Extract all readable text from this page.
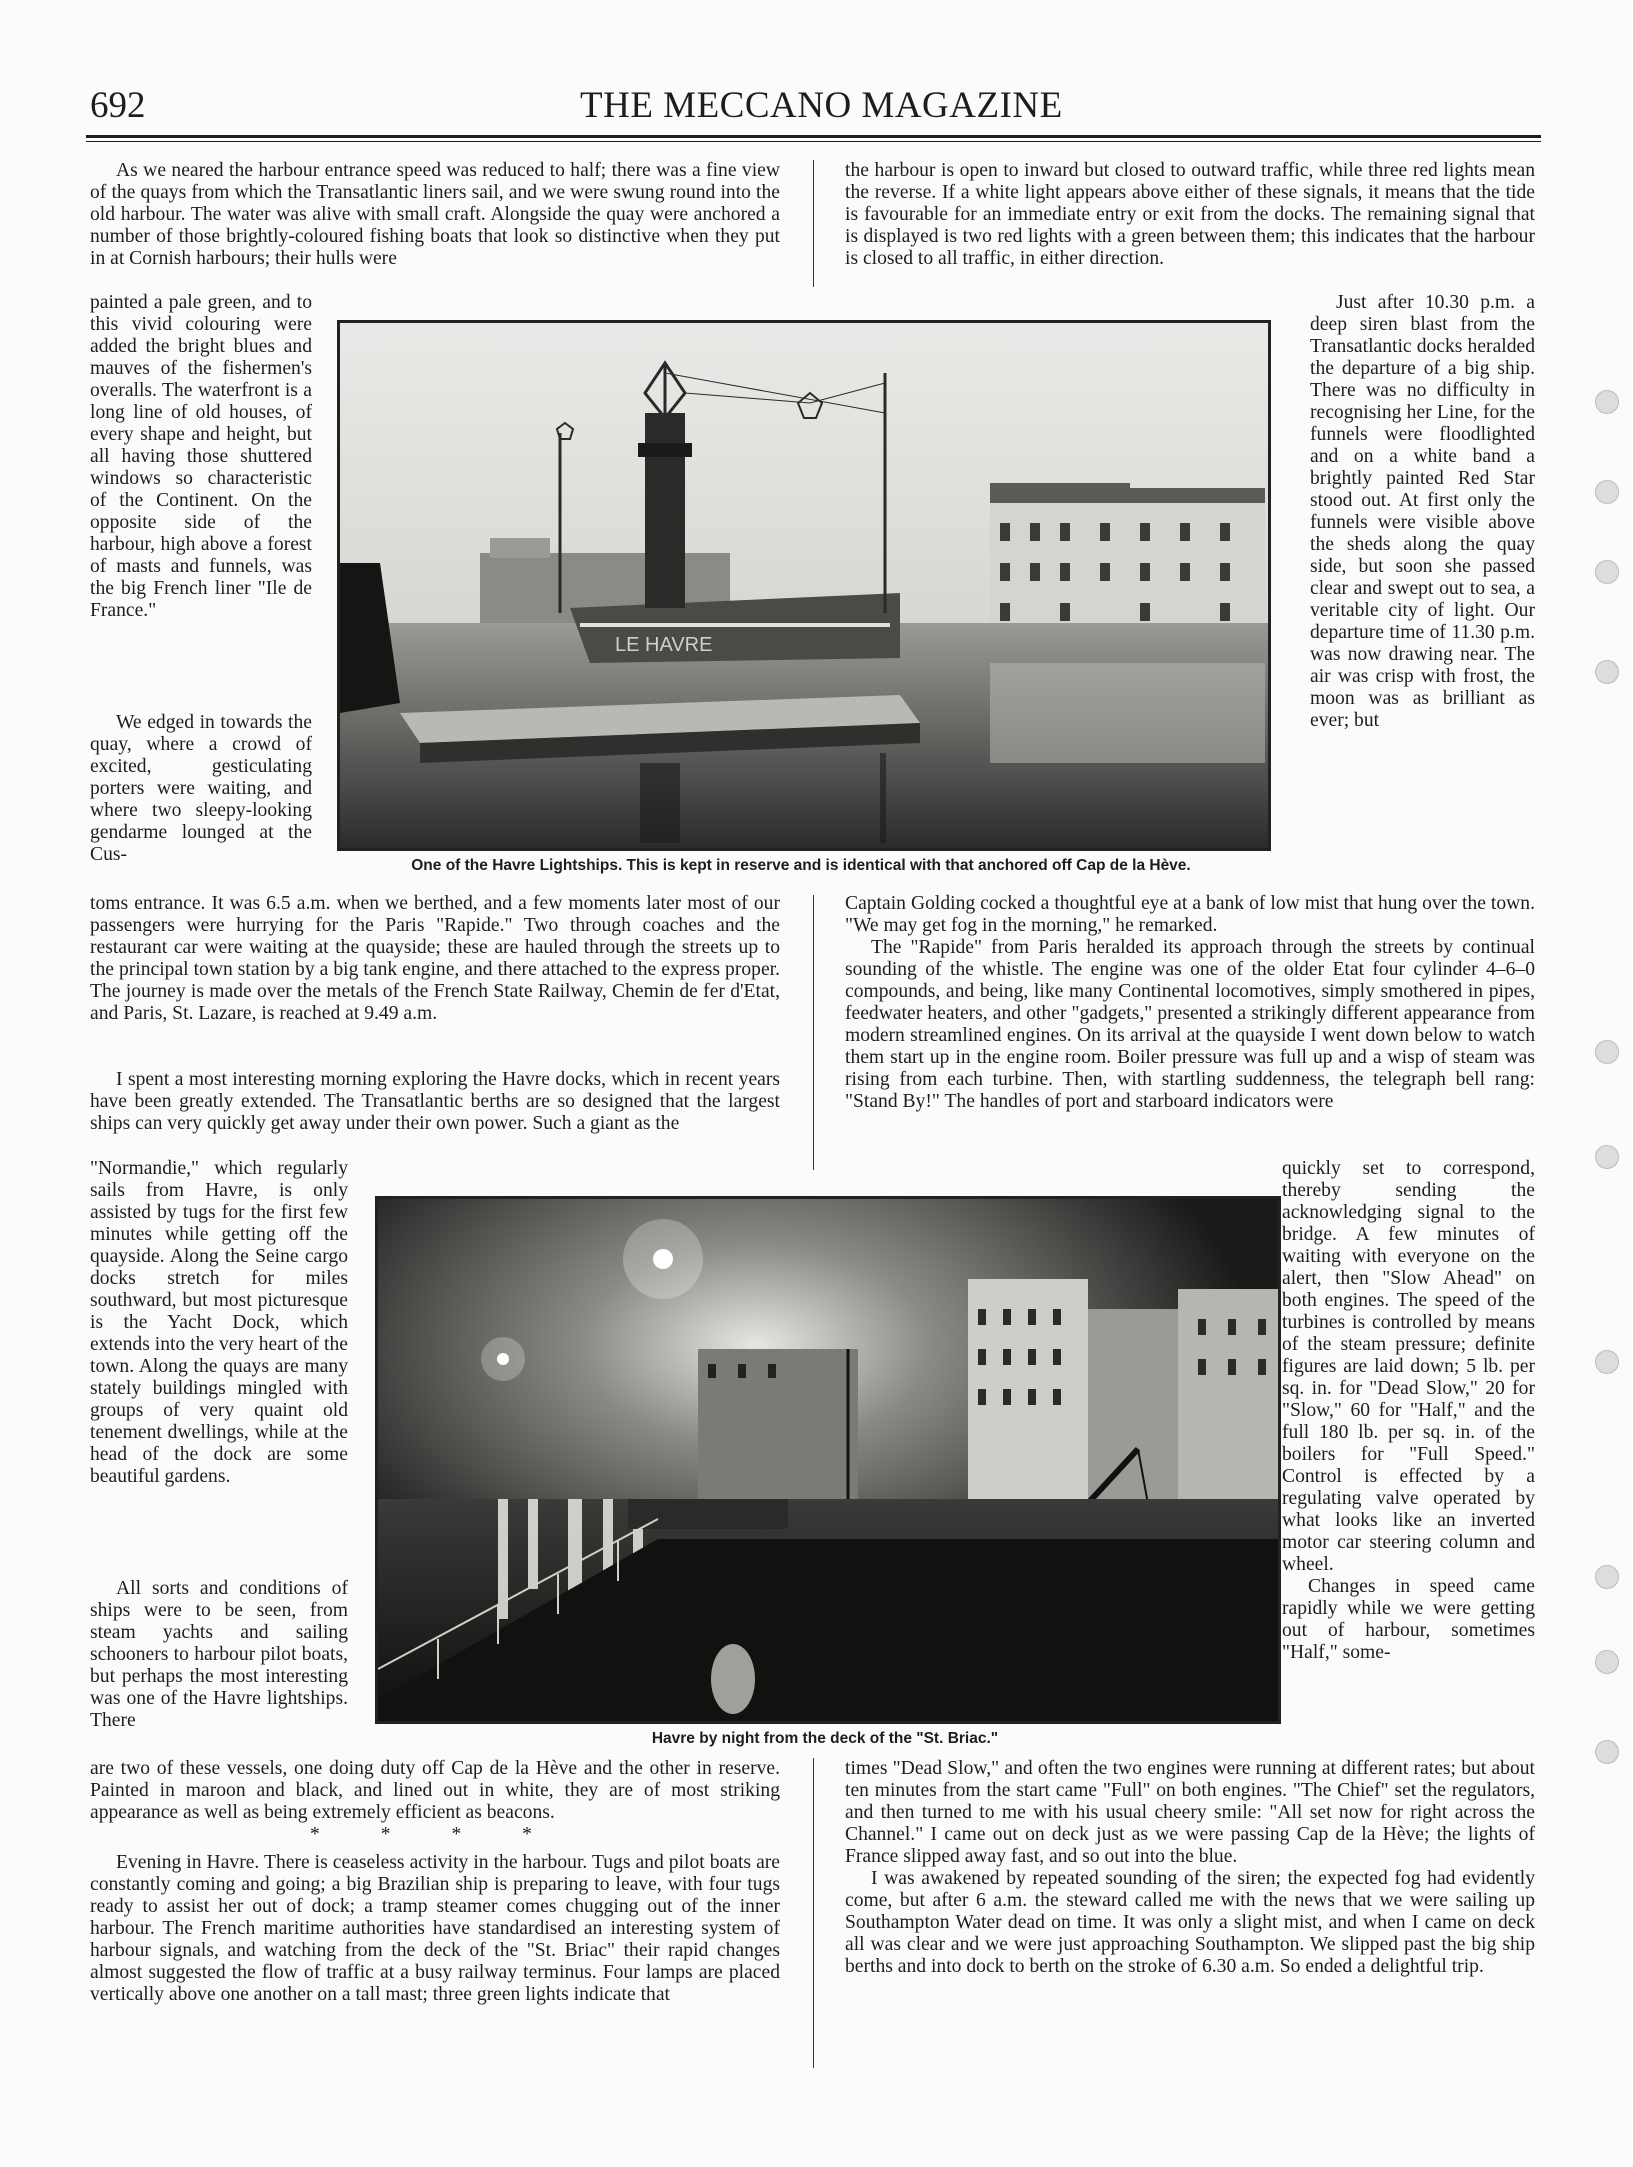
692	THE MECCANO MAGAZINE

As we neared the harbour entrance speed was reduced to half; there was a fine view of the quays from which the Transatlantic liners sail, and we were swung round into the old harbour. The water was alive with small craft. Alongside the quay were anchored a number of those brightly-coloured fishing boats that look so distinctive when they put in at Cornish harbours; their hulls were

painted a pale green, and to this vivid colouring were added the bright blues and mauves of the fishermen's overalls. The waterfront is a long line of old houses, of every shape and height, but all having those shuttered windows so characteristic of the Continent. On the opposite side of the harbour, high above a forest of masts and funnels, was the big French liner "Ile de France."

We edged in towards the quay, where a crowd of excited, gesticulating porters were waiting, and where two sleepy-looking gendarme lounged at the Cus-

toms entrance. It was 6.5 a.m. when we berthed, and a few moments later most of our passengers were hurrying for the Paris "Rapide." Two through coaches and the restaurant car were waiting at the quayside; these are hauled through the streets up to the principal town station by a big tank engine, and there attached to the express proper. The journey is made over the metals of the French State Railway, Chemin de fer d'Etat, and Paris, St. Lazare, is reached at 9.49 a.m.

I spent a most interesting morning exploring the Havre docks, which in recent years have been greatly extended. The Transatlantic berths are so designed that the largest ships can very quickly get away under their own power. Such a giant as the

"Normandie," which regularly sails from Havre, is only assisted by tugs for the first few minutes while getting off the quayside. Along the Seine cargo docks stretch for miles southward, but most picturesque is the Yacht Dock, which extends into the very heart of the town. Along the quays are many stately buildings mingled with groups of very quaint old tenement dwellings, while at the head of the dock are some beautiful gardens.

All sorts and conditions of ships were to be seen, from steam yachts and sailing schooners to harbour pilot boats, but perhaps the most interesting was one of the Havre lightships. There

are two of these vessels, one doing duty off Cap de la Hève and the other in reserve. Painted in maroon and black, and lined out in white, they are of most striking appearance as well as being extremely efficient as beacons.

* * * *

Evening in Havre. There is ceaseless activity in the harbour. Tugs and pilot boats are constantly coming and going; a big Brazilian ship is preparing to leave, with four tugs ready to assist her out of dock; a tramp steamer comes chugging out of the inner harbour. The French maritime authorities have standardised an interesting system of harbour signals, and watching from the deck of the "St. Briac" their rapid changes almost suggested the flow of traffic at a busy railway terminus. Four lamps are placed vertically above one another on a tall mast; three green lights indicate that

the harbour is open to inward but closed to outward traffic, while three red lights mean the reverse. If a white light appears above either of these signals, it means that the tide is favourable for an immediate entry or exit from the docks. The remaining signal that is displayed is two red lights with a green between them; this indicates that the harbour is closed to all traffic, in either direction.

Just after 10.30 p.m. a deep siren blast from the Transatlantic docks heralded the departure of a big ship. There was no difficulty in recognising her Line, for the funnels were floodlighted and on a white band a brightly painted Red Star stood out. At first only the funnels were visible above the sheds along the quay side, but soon she passed clear and swept out to sea, a veritable city of light. Our departure time of 11.30 p.m. was now drawing near. The air was crisp with frost, the moon was as brilliant as ever; but

Captain Golding cocked a thoughtful eye at a bank of low mist that hung over the town. "We may get fog in the morning," he remarked.

The "Rapide" from Paris heralded its approach through the streets by continual sounding of the whistle. The engine was one of the older Etat four cylinder 4–6–0 compounds, and being, like many Continental locomotives, simply smothered in pipes, feedwater heaters, and other "gadgets," presented a strikingly different appearance from modern streamlined engines. On its arrival at the quayside I went down below to watch them start up in the engine room. Boiler pressure was full up and a wisp of steam was rising from each turbine. Then, with startling suddenness, the telegraph bell rang: "Stand By!" The handles of port and starboard indicators were

quickly set to correspond, thereby sending the acknowledging signal to the bridge. A few minutes of waiting with everyone on the alert, then "Slow Ahead" on both engines. The speed of the turbines is controlled by means of the steam pressure; definite figures are laid down; 5 lb. per sq. in. for "Dead Slow," 20 for "Slow," 60 for "Half," and the full 180 lb. per sq. in. of the boilers for "Full Speed." Control is effected by a regulating valve operated by what looks like an inverted motor car steering column and wheel.

Changes in speed came rapidly while we were getting out of harbour, sometimes "Half," some-

times "Dead Slow," and often the two engines were running at different rates; but about ten minutes from the start came "Full" on both engines. "The Chief" set the regulators, and then turned to me with his usual cheery smile: "All set now for right across the Channel." I came out on deck just as we were passing Cap de la Hève; the lights of France slipped away fast, and so out into the blue.

I was awakened by repeated sounding of the siren; the expected fog had evidently come, but after 6 a.m. the steward called me with the news that we were sailing up Southampton Water dead on time. It was only a slight mist, and when I came on deck all was clear and we were just approaching Southampton. We slipped past the big ship berths and into dock to berth on the stroke of 6.30 a.m. So ended a delightful trip.

LE HAVRE
One of the Havre Lightships. This is kept in reserve and is identical with that anchored off Cap de la Hève.
Havre by night from the deck of the "St. Briac."
